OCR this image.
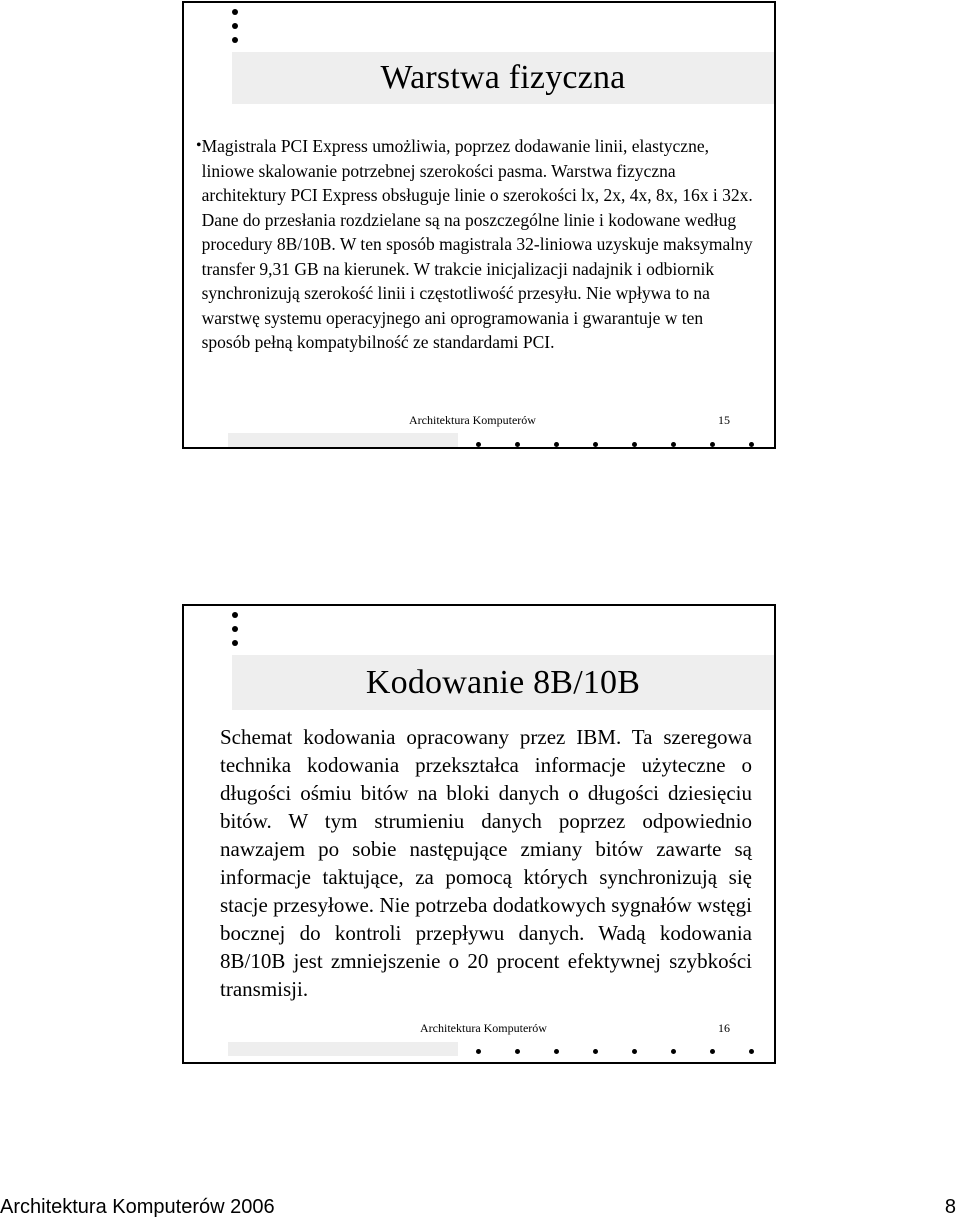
Warstwa fizyczna
• Magistrala PCI Express umożliwia, poprzez dodawanie linii, elastyczne, liniowe skalowanie potrzebnej szerokości pasma. Warstwa fizyczna architektury PCI Express obsługuje linie o szerokości lx, 2x, 4x, 8x, 16x i 32x. Dane do przesłania rozdzielane są na poszczególne linie i kodowane według procedury 8B/10B. W ten sposób magistrala 32-liniowa uzyskuje maksymalny transfer 9,31 GB na kierunek. W trakcie inicjalizacji nadajnik i odbiornik synchronizują szerokość linii i częstotliwość przesyłu. Nie wpływa to na warstwę systemu operacyjnego ani oprogramowania i gwarantuje w ten sposób pełną kompatybilność ze standardami PCI.

Architektura Komputerów	15
Kodowanie 8B/10B

Schemat kodowania opracowany przez IBM. Ta szeregowa technika kodowania przekształca informacje użyteczne o długości ośmiu bitów na bloki danych o długości dziesięciu bitów. W tym strumieniu danych poprzez odpowiednio nawzajem po sobie następujące zmiany bitów zawarte są informacje taktujące, za pomocą których synchronizują się stacje przesyłowe. Nie potrzeba dodatkowych sygnałów wstęgi bocznej do kontroli przepływu danych. Wadą kodowania 8B/10B jest zmniejszenie o 20 procent efektywnej szybkości transmisji.

Architektura Komputerów	16
Architektura Komputerów 2006	8
